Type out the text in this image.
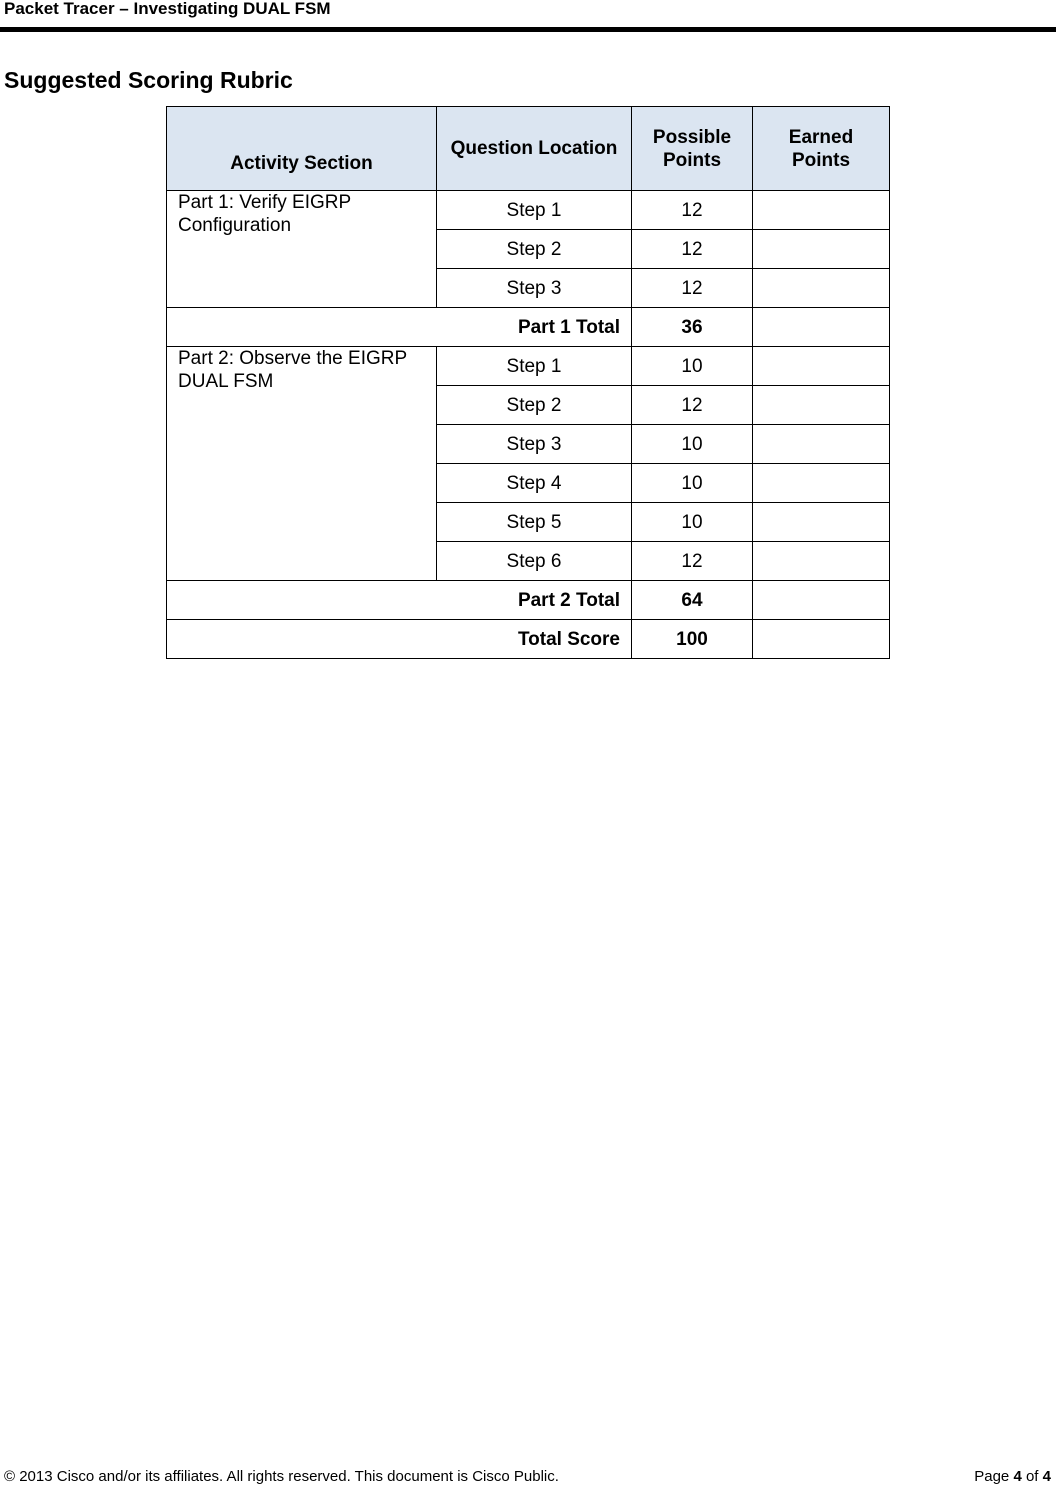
Packet Tracer – Investigating DUAL FSM
Suggested Scoring Rubric
Activity Section	Question Location	Possible Points	Earned Points
Part 1: Verify EIGRP Configuration	Step 1	12	
	Step 2	12	
	Step 3	12	
Part 1 Total		36	
Part 2: Observe the EIGRP DUAL FSM	Step 1	10	
	Step 2	12	
	Step 3	10	
	Step 4	10	
	Step 5	10	
	Step 6	12	
Part 2 Total		64	
Total Score		100	
© 2013 Cisco and/or its affiliates. All rights reserved. This document is Cisco Public.	Page 4 of 4
